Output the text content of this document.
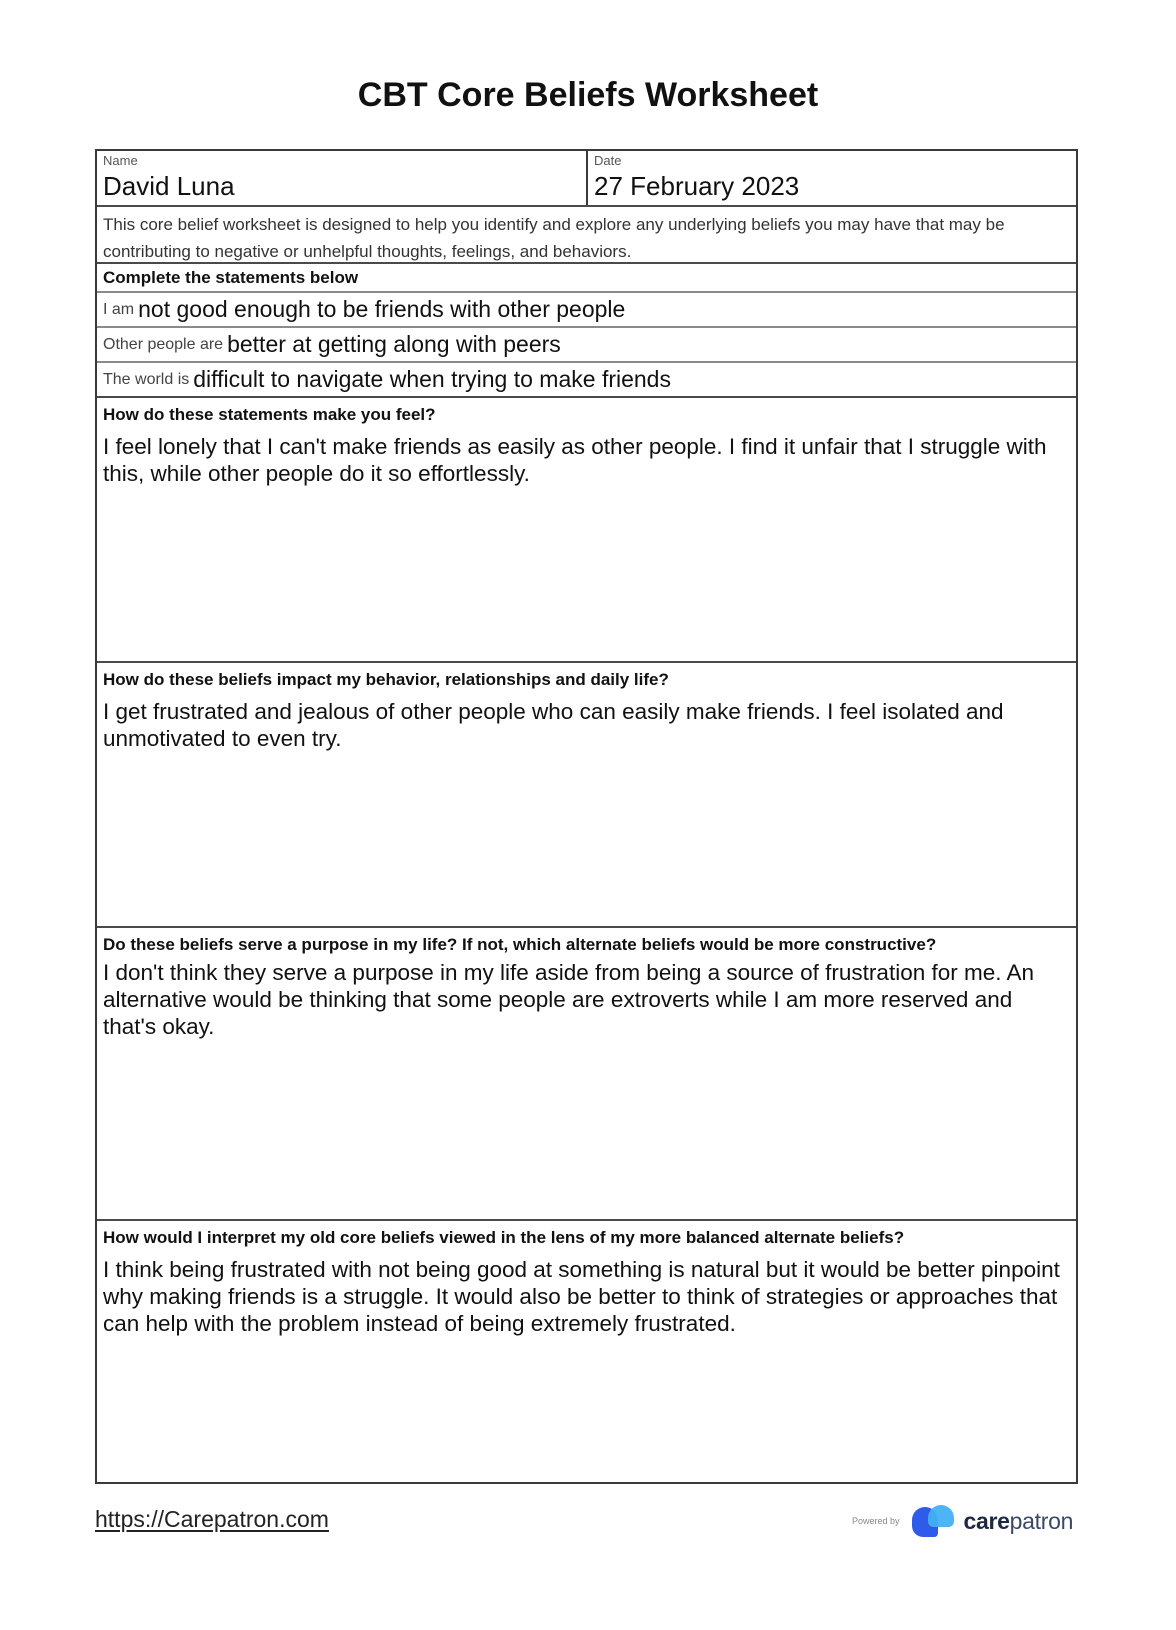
CBT Core Beliefs Worksheet
Name
David Luna
Date
27 February 2023
This core belief worksheet is designed to help you identify and explore any underlying beliefs you may have that may be contributing to negative or unhelpful thoughts, feelings, and behaviors.
Complete the statements below
I am not good enough to be friends with other people
Other people are better at getting along with peers
The world is difficult to navigate when trying to make friends
How do these statements make you feel?
I feel lonely that I can't make friends as easily as other people. I find it unfair that I struggle with this, while other people do it so effortlessly.
How do these beliefs impact my behavior, relationships and daily life?
I get frustrated and jealous of other people who can easily make friends. I feel isolated and unmotivated to even try.
Do these beliefs serve a purpose in my life? If not, which alternate beliefs would be more constructive?
I don't think they serve a purpose in my life aside from being a source of frustration for me. An alternative would be thinking that some people are extroverts while I am more reserved and that's okay.
How would I interpret my old core beliefs viewed in the lens of my more balanced alternate beliefs?
I think being frustrated with not being good at something is natural but it would be better pinpoint why making friends is a struggle. It would also be better to think of strategies or approaches that can help with the problem instead of being extremely frustrated.
https://Carepatron.com	Powered by	carepatron
